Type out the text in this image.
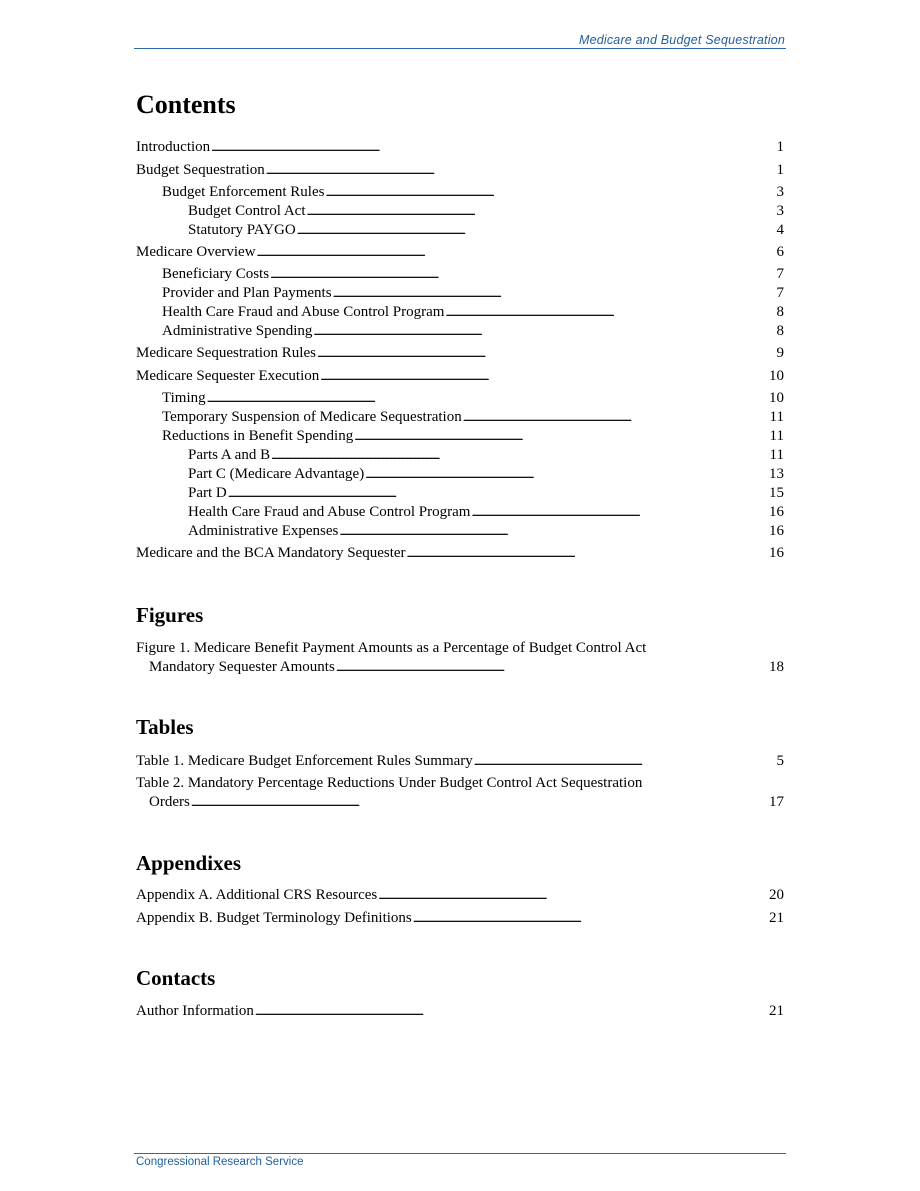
Medicare and Budget Sequestration
Contents
Introduction . . .	1
Budget Sequestration . . .	1
Budget Enforcement Rules . . .	3
Budget Control Act . . .	3
Statutory PAYGO . . .	4
Medicare Overview . . .	6
Beneficiary Costs . . .	7
Provider and Plan Payments . . .	7
Health Care Fraud and Abuse Control Program . . .	8
Administrative Spending . . .	8
Medicare Sequestration Rules . . .	9
Medicare Sequester Execution . . .	10
Timing . . .	10
Temporary Suspension of Medicare Sequestration . . .	11
Reductions in Benefit Spending . . .	11
Parts A and B . . .	11
Part C (Medicare Advantage) . . .	13
Part D . . .	15
Health Care Fraud and Abuse Control Program . . .	16
Administrative Expenses . . .	16
Medicare and the BCA Mandatory Sequester . . .	16
Figures
Figure 1. Medicare Benefit Payment Amounts as a Percentage of Budget Control Act
Mandatory Sequester Amounts . . .	18
Tables
Table 1. Medicare Budget Enforcement Rules Summary . . .	5
Table 2. Mandatory Percentage Reductions Under Budget Control Act Sequestration
Orders . . .	17
Appendixes
Appendix A. Additional CRS Resources . . .	20
Appendix B. Budget Terminology Definitions . . .	21
Contacts
Author Information . . .	21
Congressional Research Service
